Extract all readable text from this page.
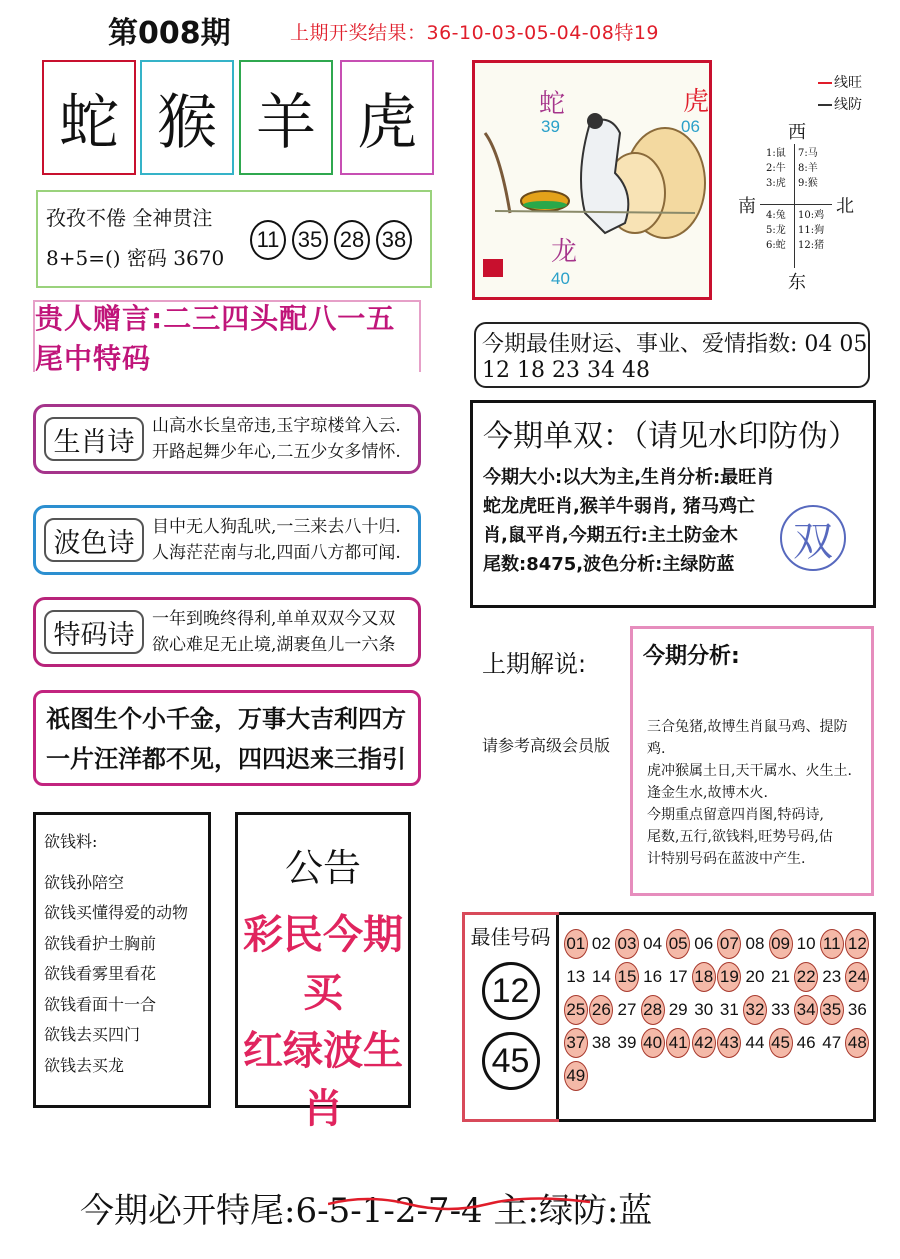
第008期	上期开奖结果：36-10-03-05-04-08特19
蛇 猴 羊 虎
孜孜不倦 全神贯注
8+5=() 密码 3670
11 35 28 38
贵人赠言:二三四头配八一五尾中特码
生肖诗
山高水长皇帝违,玉宇琼楼耸入云.
开路起舞少年心,二五少女多情怀.
波色诗
目中无人狗乱吠,一三来去八十归.
人海茫茫南与北,四面八方都可闻.
特码诗
一年到晚终得利,单单双双今又双
欲心难足无止境,湖裹鱼儿一六条
祇图生个小千金，万事大吉利四方
一片汪洋都不见，四四迟来三指引
欲钱料:
欲钱孙陪空
欲钱买懂得爱的动物
欲钱看护士胸前
欲钱看雾里看花
欲钱看面十一合
欲钱去买四门
欲钱去买龙
公告
彩民今期买
红绿波生肖
蛇
39
虎
06
龙
40
线旺
线防
西
南	北
东
1:鼠
2:牛
3:虎
7:马
8:羊
9:猴
4:兔
5:龙
6:蛇
10:鸡
11:狗
12:猪
今期最佳财运、事业、爱情指数: 04 05 12 18 23 34 48
今期单双：（请见水印防伪）
今期大小:以大为主,生肖分析:最旺肖
蛇龙虎旺肖,猴羊牛弱肖, 猪马鸡亡
肖,鼠平肖,今期五行:主土防金木
尾数:8475,波色分析:主绿防蓝	双
上期解说:
请参考高级会员版
今期分析:
三合兔猪,故博生肖鼠马鸡、提防鸡.
虎冲猴属土日,天干属水、火生土.
逢金生水,故博木火.
今期重点留意四肖图,特码诗,
尾数,五行,欲钱料,旺势号码,估
计特别号码在蓝波中产生.
最佳号码
12
45
01 02 03 04 05 06 07 08 09 10 11 12
13 14 15 16 17 18 19 20 21 22 23 24
25 26 27 28 29 30 31 32 33 34 35 36
37 38 39 40 41 42 43 44 45 46 47 48
49
今期必开特尾:6-5-1-2-7-4 主:绿防:蓝
